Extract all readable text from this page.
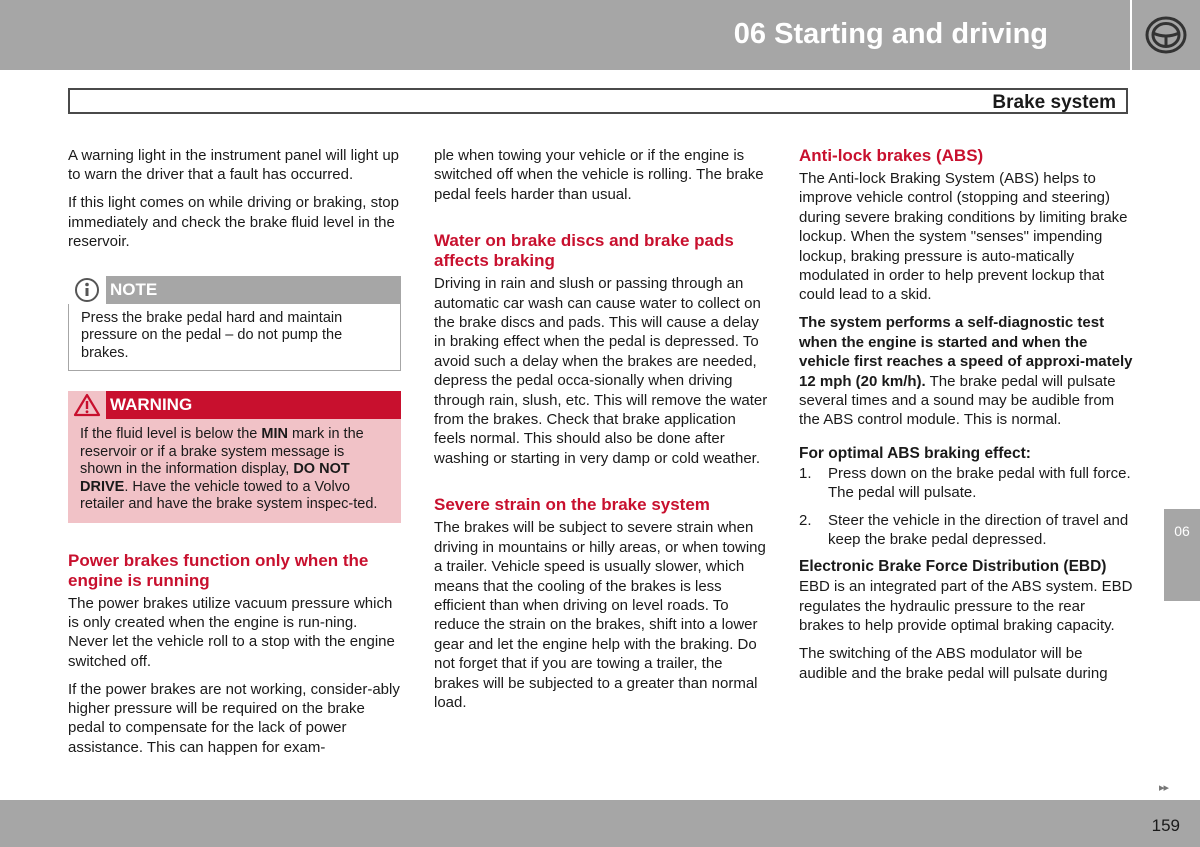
06 Starting and driving
Brake system

A warning light in the instrument panel will light up to warn the driver that a fault has occurred.

If this light comes on while driving or braking, stop immediately and check the brake fluid level in the reservoir.

NOTE
Press the brake pedal hard and maintain pressure on the pedal – do not pump the brakes.
WARNING
If the fluid level is below the MIN mark in the reservoir or if a brake system message is shown in the information display, DO NOT DRIVE. Have the vehicle towed to a Volvo retailer and have the brake system inspec-ted.
Power brakes function only when the engine is running

The power brakes utilize vacuum pressure which is only created when the engine is run-ning. Never let the vehicle roll to a stop with the engine switched off.

If the power brakes are not working, consider-ably higher pressure will be required on the brake pedal to compensate for the lack of power assistance. This can happen for exam-

ple when towing your vehicle or if the engine is switched off when the vehicle is rolling. The brake pedal feels harder than usual.

Water on brake discs and brake pads affects braking

Driving in rain and slush or passing through an automatic car wash can cause water to collect on the brake discs and pads. This will cause a delay in braking effect when the pedal is depressed. To avoid such a delay when the brakes are needed, depress the pedal occa-sionally when driving through rain, slush, etc. This will remove the water from the brakes. Check that brake application feels normal. This should also be done after washing or starting in very damp or cold weather.

Severe strain on the brake system

The brakes will be subject to severe strain when driving in mountains or hilly areas, or when towing a trailer. Vehicle speed is usually slower, which means that the cooling of the brakes is less efficient than when driving on level roads. To reduce the strain on the brakes, shift into a lower gear and let the engine help with the braking. Do not forget that if you are towing a trailer, the brakes will be subjected to a greater than normal load.

Anti-lock brakes (ABS)

The Anti-lock Braking System (ABS) helps to improve vehicle control (stopping and steering) during severe braking conditions by limiting brake lockup. When the system "senses" impending lockup, braking pressure is auto-matically modulated in order to help prevent lockup that could lead to a skid.

The system performs a self-diagnostic test when the engine is started and when the vehicle first reaches a speed of approxi-mately 12 mph (20 km/h). The brake pedal will pulsate several times and a sound may be audible from the ABS control module. This is normal.

For optimal ABS braking effect:
1.	Press down on the brake pedal with full force. The pedal will pulsate.
2.	Steer the vehicle in the direction of travel and keep the brake pedal depressed.
Electronic Brake Force Distribution (EBD)

EBD is an integrated part of the ABS system. EBD regulates the hydraulic pressure to the rear brakes to help provide optimal braking capacity.

The switching of the ABS modulator will be audible and the brake pedal will pulsate during

06
▸▸
159
